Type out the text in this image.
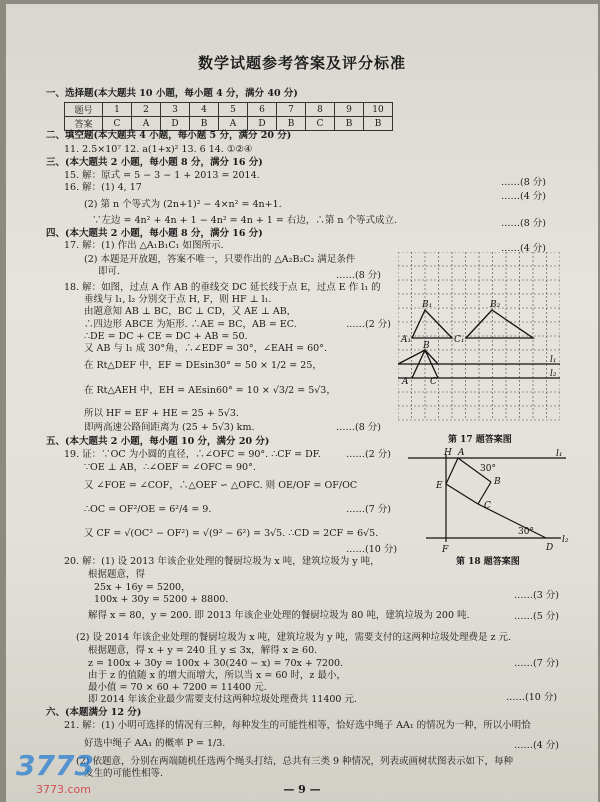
数学试题参考答案及评分标准
一、选择题(本大题共 10 小题，每小题 4 分，满分 40 分)
题号	1	2	3	4	5	6	7	8	9	10
答案	C	A	D	B	A	D	B	C	B	B
二、填空题(本大题共 4 小题，每小题 5 分，满分 20 分)
11. 2.5×10⁷ 12. a(1+x)² 13. 6 14. ①②④
三、(本大题共 2 小题，每小题 8 分，满分 16 分)
15. 解：原式 = 5 − 3 − 1 + 2013 = 2014.
16. 解：(1) 4, 17
(2) 第 n 个等式为 (2n+1)² − 4×n² = 4n+1.
∵左边 = 4n² + 4n + 1 − 4n² = 4n + 1 = 右边，∴第 n 个等式成立.
四、(本大题共 2 小题，每小题 8 分，满分 16 分)
17. 解：(1) 作出 △A₁B₁C₁ 如图所示.
(2) 本题是开放题，答案不唯一，只要作出的 △A₂B₂C₂ 满足条件
即可.	……(8 分)
18. 解：如图，过点 A 作 AB 的垂线交 DC 延长线于点 E，过点 E 作 l₁ 的
垂线与 l₁, l₂ 分别交于点 H, F，则 HF ⊥ l₁.
由题意知 AB ⊥ BC，BC ⊥ CD，又 AE ⊥ AB，
∴四边形 ABCE 为矩形. ∴AE = BC，AB = EC.	……(2 分)
∴DE = DC + CE = DC + AB = 50.
又 AB 与 l₁ 成 30°角，∴∠EDF = 30°，∠EAH = 60°.
在 Rt△DEF 中，EF = DEsin30° = 50 × 1/2 = 25，
在 Rt△AEH 中，EH = AEsin60° = 10 × √3/2 = 5√3，
所以 HF = EF + HE = 25 + 5√3.
即两高速公路间距离为 (25 + 5√3) km.	……(8 分)
B₁
A₁	C₁
B₂
B
A C
l₁
l₂
第 17 题答案图
五、(本大题共 2 小题，每小题 10 分，满分 20 分)
19. 证：∵OC 为小圆的直径，∴∠OFC = 90°. ∴CF = DF.	……(2 分)
∵OE ⊥ AB，∴∠OEF = ∠OFC = 90°.
又 ∠FOE = ∠COF，∴△OEF ∽ △OFC. 则 OE/OF = OF/OC
∴OC = OF²/OE = 6²/4 = 9.	……(7 分)
又 CF = √(OC² − OF²) = √(9² − 6²) = 3√5. ∴CD = 2CF = 6√5.
……(10 分)
H A
30°
l₁
E	B
C
F
30°
D
l₂
第 18 题答案图
20. 解：(1) 设 2013 年该企业处理的餐厨垃圾为 x 吨，建筑垃圾为 y 吨，
根据题意，得
25x + 16y = 5200，
100x + 30y = 5200 + 8800.	……(3 分)
解得 x = 80，y = 200. 即 2013 年该企业处理的餐厨垃圾为 80 吨，建筑垃圾为 200 吨.	……(5 分)
(2) 设 2014 年该企业处理的餐厨垃圾为 x 吨，建筑垃圾为 y 吨，需要支付的这两种垃圾处理费是 z 元.
根据题意，得 x + y = 240 且 y ≤ 3x，解得 x ≥ 60.
z = 100x + 30y = 100x + 30(240 − x) = 70x + 7200.	……(7 分)
由于 z 的值随 x 的增大而增大，所以当 x = 60 时，z 最小，
最小值 = 70 × 60 + 7200 = 11400 元.
即 2014 年该企业最少需要支付这两种垃圾处理费共 11400 元.	……(10 分)
六、(本题满分 12 分)
21. 解：(1) 小明可选择的情况有三种，每种发生的可能性相等，恰好选中绳子 AA₁ 的情况为一种，所以小明恰
好选中绳子 AA₁ 的概率 P = 1/3.	……(4 分)
(2) 依题意，分别在两端随机任选两个绳头打结，总共有三类 9 种情况，列表或画树状图表示如下，每种
发生的可能性相等.
……(8 分)
……(4 分)
……(8 分)
……(4 分)
— 9 —
3773
3773.com
